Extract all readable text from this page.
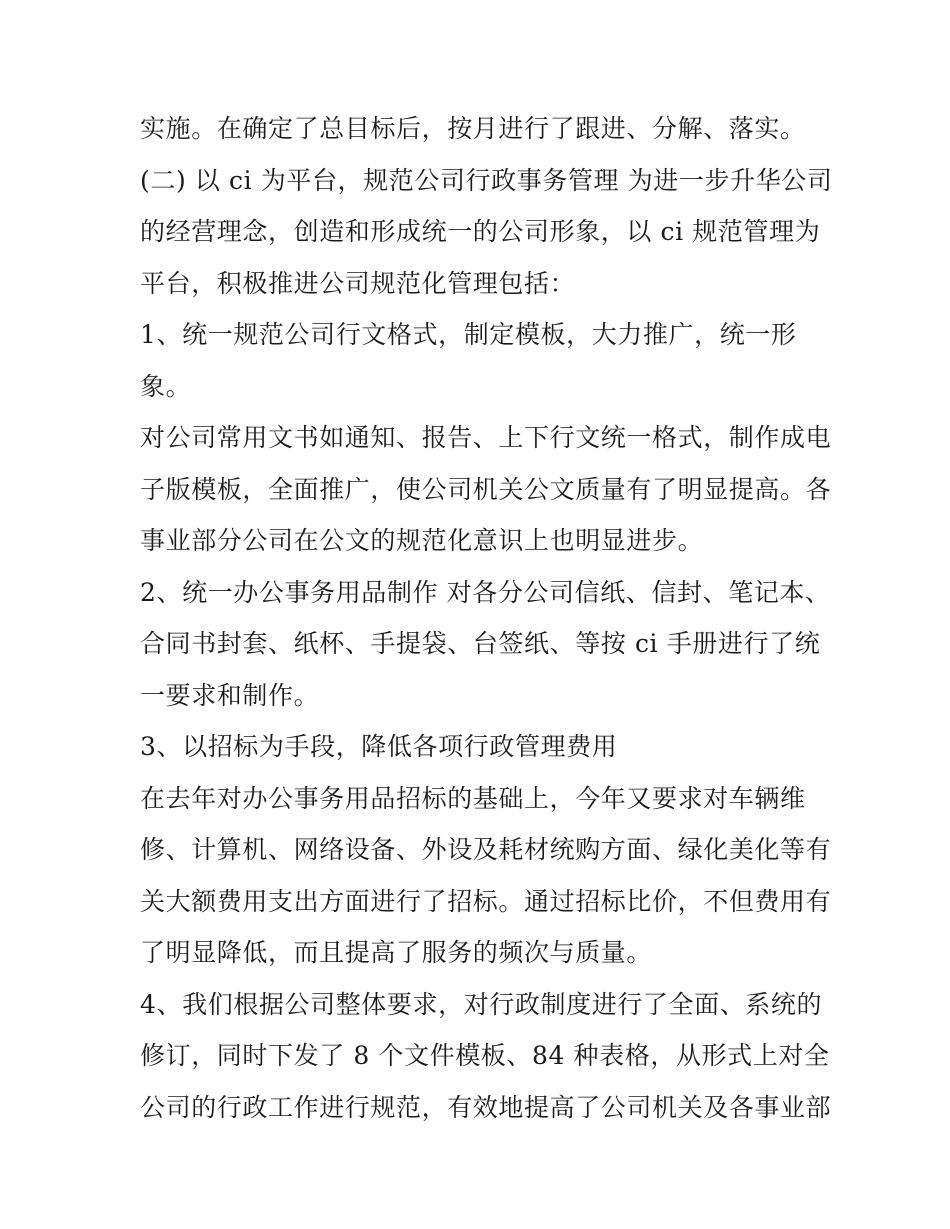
实施。在确定了总目标后，按月进行了跟进、分解、落实。
(二) 以 ci 为平台，规范公司行政事务管理 为进一步升华公司
的经营理念，创造和形成统一的公司形象，以 ci 规范管理为
平台，积极推进公司规范化管理包括：
1、统一规范公司行文格式，制定模板，大力推广，统一形
象。
对公司常用文书如通知、报告、上下行文统一格式，制作成电
子版模板，全面推广，使公司机关公文质量有了明显提高。各
事业部分公司在公文的规范化意识上也明显进步。
2、统一办公事务用品制作 对各分公司信纸、信封、笔记本、
合同书封套、纸杯、手提袋、台签纸、等按 ci 手册进行了统
一要求和制作。
3、以招标为手段，降低各项行政管理费用
在去年对办公事务用品招标的基础上，今年又要求对车辆维
修、计算机、网络设备、外设及耗材统购方面、绿化美化等有
关大额费用支出方面进行了招标。通过招标比价，不但费用有
了明显降低，而且提高了服务的频次与质量。
4、我们根据公司整体要求，对行政制度进行了全面、系统的
修订，同时下发了 8 个文件模板、84 种表格，从形式上对全
公司的行政工作进行规范，有效地提高了公司机关及各事业部
